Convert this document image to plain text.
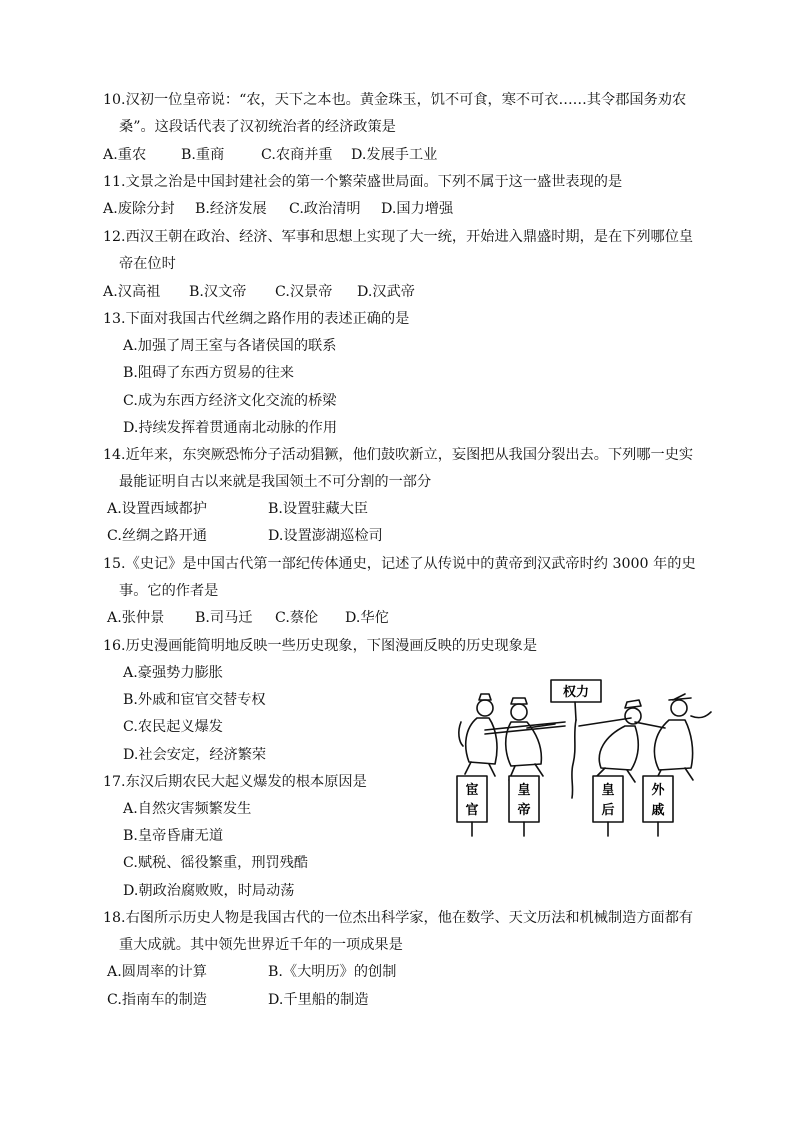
10.汉初一位皇帝说：“农，天下之本也。黄金珠玉，饥不可食，寒不可衣……其令郡国务劝农
桑”。这段话代表了汉初统治者的经济政策是
A.重农 B.重商	C.农商并重 D.发展手工业
11.文景之治是中国封建社会的第一个繁荣盛世局面。下列不属于这一盛世表现的是
A.废除分封 B.经济发展 C.政治清明 D.国力增强
12.西汉王朝在政治、经济、军事和思想上实现了大一统，开始进入鼎盛时期，是在下列哪位皇
帝在位时
A.汉高祖 B.汉文帝 C.汉景帝 D.汉武帝
13.下面对我国古代丝绸之路作用的表述正确的是
A.加强了周王室与各诸侯国的联系
B.阻碍了东西方贸易的往来
C.成为东西方经济文化交流的桥梁
D.持续发挥着贯通南北动脉的作用
14.近年来，东突厥恐怖分子活动猖獗，他们鼓吹新立，妄图把从我国分裂出去。下列哪一史实
最能证明自古以来就是我国领土不可分割的一部分
A.设置西域都护	B.设置驻藏大臣
C.丝绸之路开通	D.设置澎湖巡检司
15.《史记》是中国古代第一部纪传体通史，记述了从传说中的黄帝到汉武帝时约 3000 年的史
事。它的作者是
A.张仲景 B.司马迁 C.蔡伦 D.华佗
16.历史漫画能简明地反映一些历史现象，下图漫画反映的历史现象是
A.豪强势力膨胀
B.外戚和宦官交替专权
C.农民起义爆发
D.社会安定，经济繁荣
权力
宦
官
皇
帝
皇
后
外
戚
17.东汉后期农民大起义爆发的根本原因是
A.自然灾害频繁发生
B.皇帝昏庸无道
C.赋税、徭役繁重，刑罚残酷
D.朝政治腐败败，时局动荡
18.右图所示历史人物是我国古代的一位杰出科学家，他在数学、天文历法和机械制造方面都有
重大成就。其中领先世界近千年的一项成果是
A.圆周率的计算	B.《大明历》的创制
C.指南车的制造	D.千里船的制造
